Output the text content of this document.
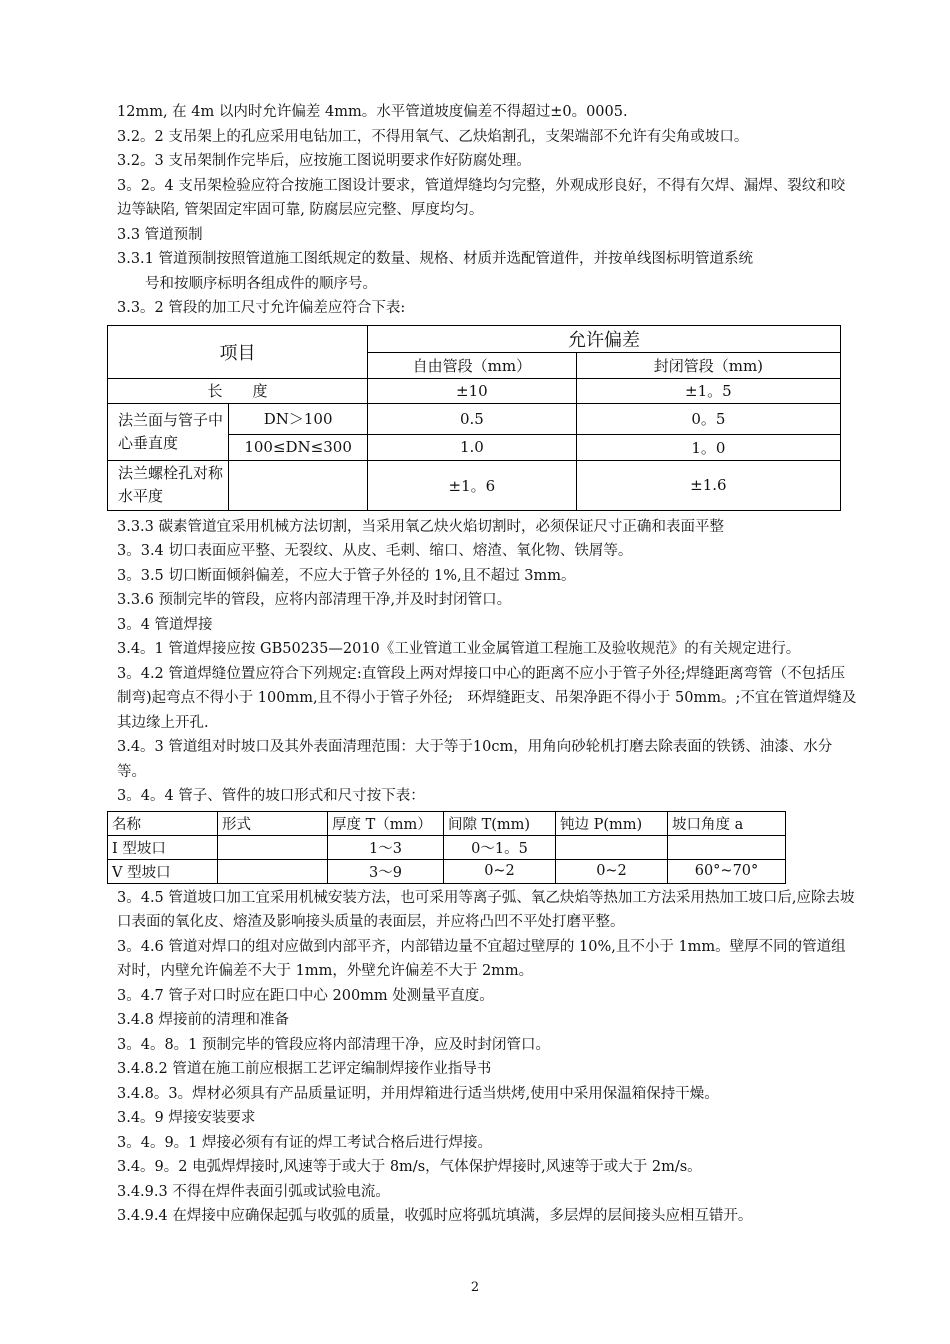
12mm, 在 4m 以内时允许偏差 4mm。水平管道坡度偏差不得超过±0。0005.

3.2。2 支吊架上的孔应采用电钻加工，不得用氧气、乙炔焰割孔，支架端部不允许有尖角或坡口。

3.2。3 支吊架制作完毕后，应按施工图说明要求作好防腐处理。

3。2。4 支吊架检验应符合按施工图设计要求，管道焊缝均匀完整，外观成形良好，不得有欠焊、漏焊、裂纹和咬边等缺陷, 管架固定牢固可靠, 防腐层应完整、厚度均匀。

3.3 管道预制

3.3.1 管道预制按照管道施工图纸规定的数量、规格、材质并选配管道件，并按单线图标明管道系统

号和按顺序标明各组成件的顺序号。

3.3。2 管段的加工尺寸允许偏差应符合下表:

项目		允许偏差	
		自由管段（mm）	封闭管段（mm)
长　　度		±10	±1。5
法兰面与管子中心垂直度	DN＞100	0.5	0。5
	100≤DN≤300	1.0	1。0
法兰螺栓孔对称水平度		±1。6	±1.6

3.3.3 碳素管道宜采用机械方法切割，当采用氧乙炔火焰切割时，必须保证尺寸正确和表面平整

3。3.4 切口表面应平整、无裂纹、从皮、毛刺、缩口、熔渣、氧化物、铁屑等。

3。3.5 切口断面倾斜偏差，不应大于管子外径的 1%,且不超过 3mm。

3.3.6 预制完毕的管段，应将内部清理干净,并及时封闭管口。

3。4 管道焊接

3.4。1 管道焊接应按 GB50235—2010《工业管道工业金属管道工程施工及验收规范》的有关规定进行。

3。4.2 管道焊缝位置应符合下列规定:直管段上两对焊接口中心的距离不应小于管子外径;焊缝距离弯管（不包括压制弯)起弯点不得小于 100mm,且不得小于管子外径;　环焊缝距支、吊架净距不得小于 50mm。;不宜在管道焊缝及其边缘上开孔.

3.4。3 管道组对时坡口及其外表面清理范围：大于等于10cm，用角向砂轮机打磨去除表面的铁锈、油漆、水分等。

3。4。4 管子、管件的坡口形式和尺寸按下表：

名称	形式	厚度 T（mm）	间隙 T(mm)	钝边 P(mm)	坡口角度 a
I 型坡口		1～3	0～1。5		
V 型坡口		3～9	0~2	0~2	60°~70°

3。4.5 管道坡口加工宜采用机械安装方法，也可采用等离子弧、氧乙炔焰等热加工方法采用热加工坡口后,应除去坡口表面的氧化皮、熔渣及影响接头质量的表面层，并应将凸凹不平处打磨平整。

3。4.6 管道对焊口的组对应做到内部平齐，内部错边量不宜超过壁厚的 10%,且不小于 1mm。壁厚不同的管道组对时，内壁允许偏差不大于 1mm，外壁允许偏差不大于 2mm。

3。4.7 管子对口时应在距口中心 200mm 处测量平直度。

3.4.8 焊接前的清理和准备

3。4。8。1 预制完毕的管段应将内部清理干净，应及时封闭管口。

3.4.8.2 管道在施工前应根据工艺评定编制焊接作业指导书

3.4.8。3。焊材必须具有产品质量证明，并用焊箱进行适当烘烤,使用中采用保温箱保持干燥。

3.4。9 焊接安装要求

3。4。9。1 焊接必须有有证的焊工考试合格后进行焊接。

3.4。9。2 电弧焊焊接时,风速等于或大于 8m/s，气体保护焊接时,风速等于或大于 2m/s。

3.4.9.3 不得在焊件表面引弧或试验电流。

3.4.9.4 在焊接中应确保起弧与收弧的质量，收弧时应将弧坑填满，多层焊的层间接头应相互错开。

2
